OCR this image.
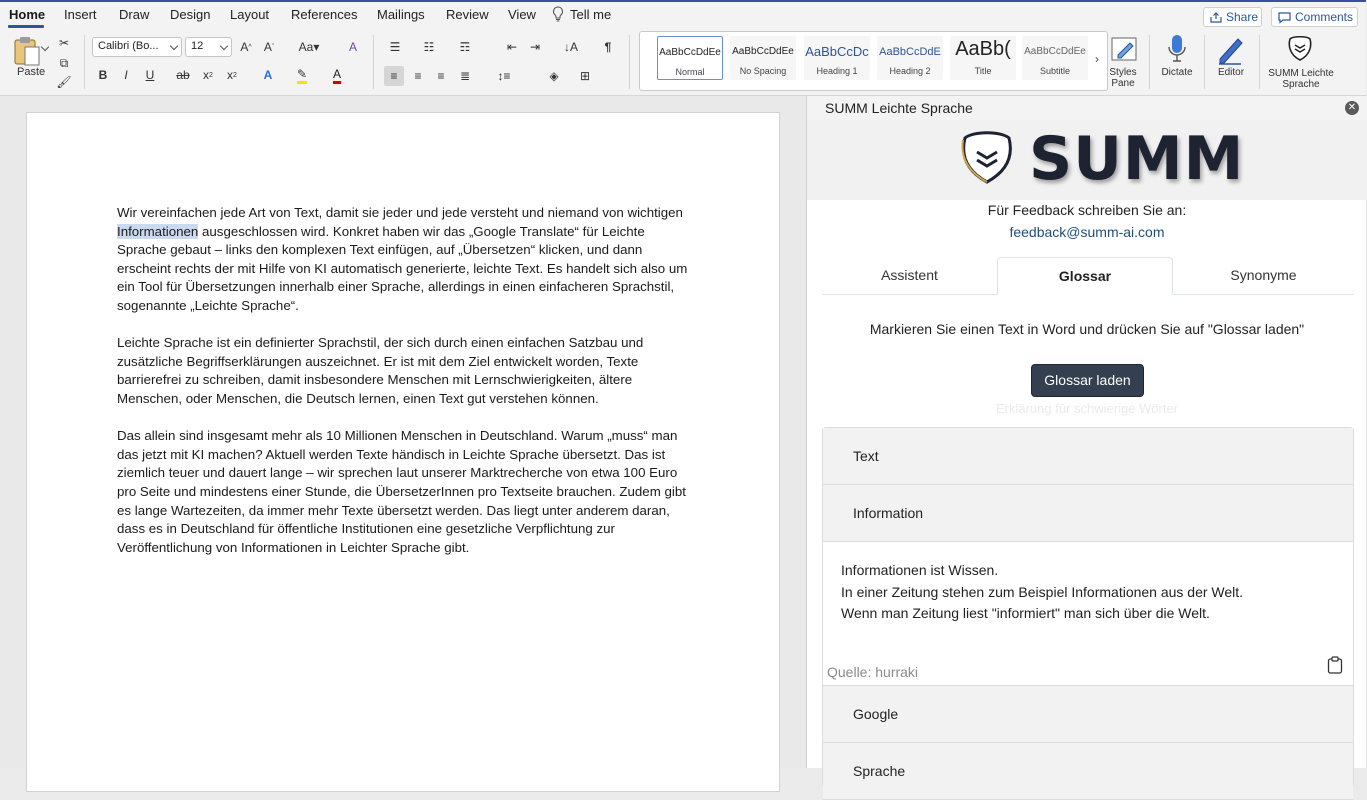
Home Insert Draw Design Layout References Mailings Review View	Tell me	Share	Comments
Paste
✂
⧉
🖌
Calibri (Bo...	12	A ^	A ˇ Aa▾ A
B	I	U	ab	x 2	x 2	A	✎ A
☰	☷	☶	⇤	⇥	↓A	¶
≡	≡	≡	≣	↕≡	◈	⊞
AaBbCcDdEe
Normal
AaBbCcDdEe
No Spacing
AaBbCcDc
Heading 1
AaBbCcDdE
Heading 2
AaBb(
Title
AaBbCcDdEe
Subtitle
›
Styles
Pane
Dictate	Editor	SUMM Leichte
Sprache

Wir vereinfachen jede Art von Text, damit sie jeder und jede versteht und niemand von wichtigen Informationen ausgeschlossen wird. Konkret haben wir das „Google Translate“ für Leichte Sprache gebaut – links den komplexen Text einfügen, auf „Übersetzen“ klicken, und dann erscheint rechts der mit Hilfe von KI automatisch generierte, leichte Text. Es handelt sich also um ein Tool für Übersetzungen innerhalb einer Sprache, allerdings in einen einfacheren Sprachstil, sogenannte „Leichte Sprache“.

Leichte Sprache ist ein definierter Sprachstil, der sich durch einen einfachen Satzbau und zusätzliche Begriffserklärungen auszeichnet. Er ist mit dem Ziel entwickelt worden, Texte barrierefrei zu schreiben, damit insbesondere Menschen mit Lernschwierigkeiten, ältere Menschen, oder Menschen, die Deutsch lernen, einen Text gut verstehen können.

Das allein sind insgesamt mehr als 10 Millionen Menschen in Deutschland. Warum „muss“ man das jetzt mit KI machen? Aktuell werden Texte händisch in Leichte Sprache übersetzt. Das ist ziemlich teuer und dauert lange – wir sprechen laut unserer Marktrecherche von etwa 100 Euro pro Seite und mindestens einer Stunde, die ÜbersetzerInnen pro Textseite brauchen. Zudem gibt es lange Wartezeiten, da immer mehr Texte übersetzt werden. Das liegt unter anderem daran, dass es in Deutschland für öffentliche Institutionen eine gesetzliche Verpflichtung zur Veröffentlichung von Informationen in Leichter Sprache gibt.

SUMM Leichte Sprache	✕
SUMM
Für Feedback schreiben Sie an:
feedback@summ-ai.com
Assistent	Glossar	Synonyme
Markieren Sie einen Text in Word und drücken Sie auf "Glossar laden"
Glossar laden
Erklärung für schwierige Wörter
Text
Information
Informationen ist Wissen.
In einer Zeitung stehen zum Beispiel Informationen aus der Welt.
Wenn man Zeitung liest "informiert" man sich über die Welt.
Quelle: hurraki
Google
Sprache
